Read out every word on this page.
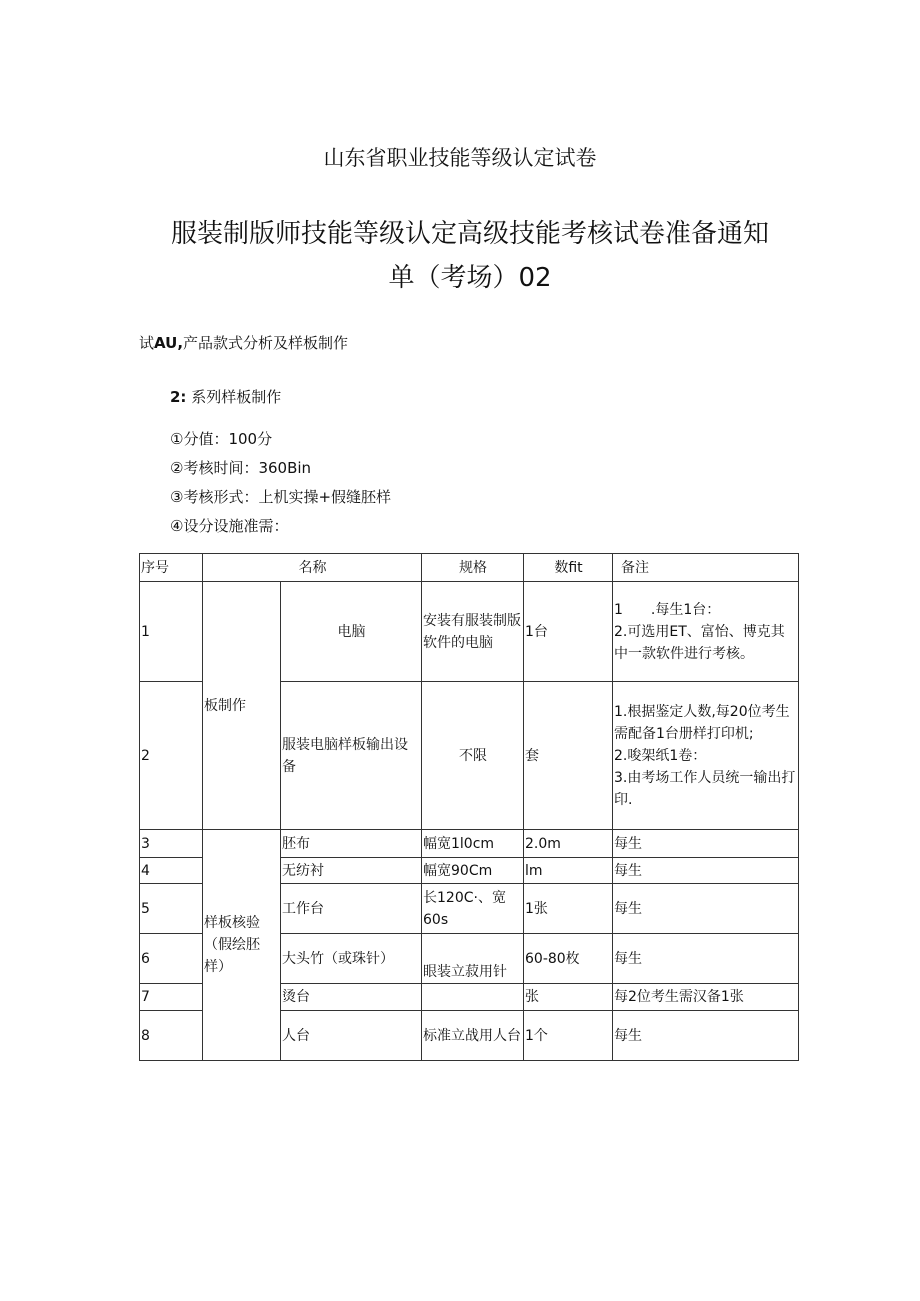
山东省职业技能等级认定试卷
服装制版师技能等级认定高级技能考核试卷准备通知
单（考场）02
试AU,产品款式分析及样板制作
2: 系列样板制作
①分值：100分
②考核时间：360Bin
③考核形式：上机实操+假缝胚样
④设分设施准需：
序号	名称		规格	数fit	备注
1	板制作	电脑	安装有服装制版软件的电脑	1台	1　　.每生1台：
2.可选用ET、富怡、博克其中一款软件进行考核。

2		服装电脑样板输出设备	不限	套	1.根据鉴定人数,每20位考生需配备1台册样打印机;
2.唆架纸1卷：
3.由考场工作人员统一输出打印.

3	样板核验（假绘胚样）	胚布	幅宽1l0cm	2.0m	每生
4		无纺衬	幅宽90Cm	lm	每生
5		工作台	长120C·、宽60s	1张	每生
6		大头竹（或珠针）	眼装立菽用针	60-80枚	每生
7		烫台		张	每2位考生需汉备1张
8		人台	标准立战用人台	1个	每生
